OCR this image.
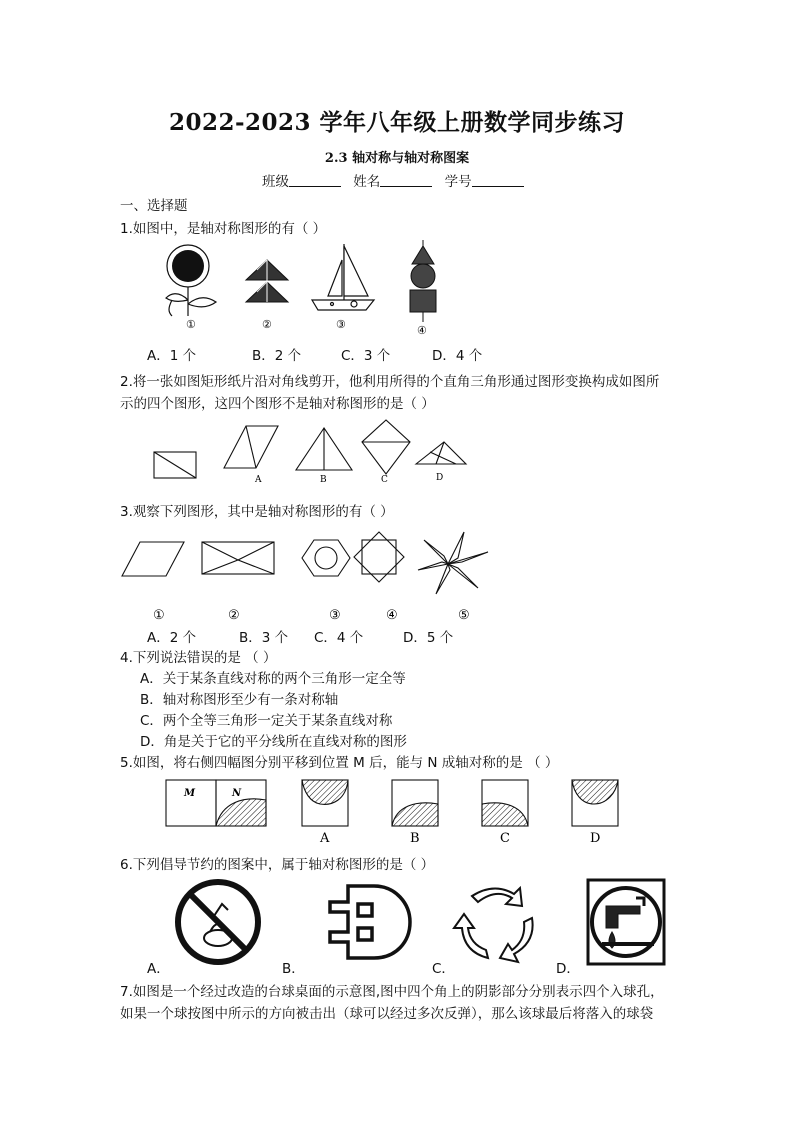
2022-2023 学年八年级上册数学同步练习
2.3 轴对称与轴对称图案
班级	姓名	学号
一、选择题
1.如图中，是轴对称图形的有（ ）
①	②	③	④
A．1 个	B．2 个	C．3 个	D．4 个
2.将一张如图矩形纸片沿对角线剪开，他利用所得的个直角三角形通过图形变换构成如图所
示的四个图形，这四个图形不是轴对称图形的是（ ）
A	B	C	D
3.观察下列图形，其中是轴对称图形的有（ ）
①	②	③	④	⑤
A．2 个	B．3 个 C．4 个	D．5 个
4.下列说法错误的是 （ ）
A．关于某条直线对称的两个三角形一定全等
B．轴对称图形至少有一条对称轴
C．两个全等三角形一定关于某条直线对称
D．角是关于它的平分线所在直线对称的图形
5.如图，将右侧四幅图分别平移到位置 M 后，能与 N 成轴对称的是 （ ）
M	N
A	B	C	D
6.下列倡导节约的图案中，属于轴对称图形的是（ ）
A．	B．	C．	D．
7.如图是一个经过改造的台球桌面的示意图,图中四个角上的阴影部分分别表示四个入球孔，
如果一个球按图中所示的方向被击出（球可以经过多次反弹），那么该球最后将落入的球袋
